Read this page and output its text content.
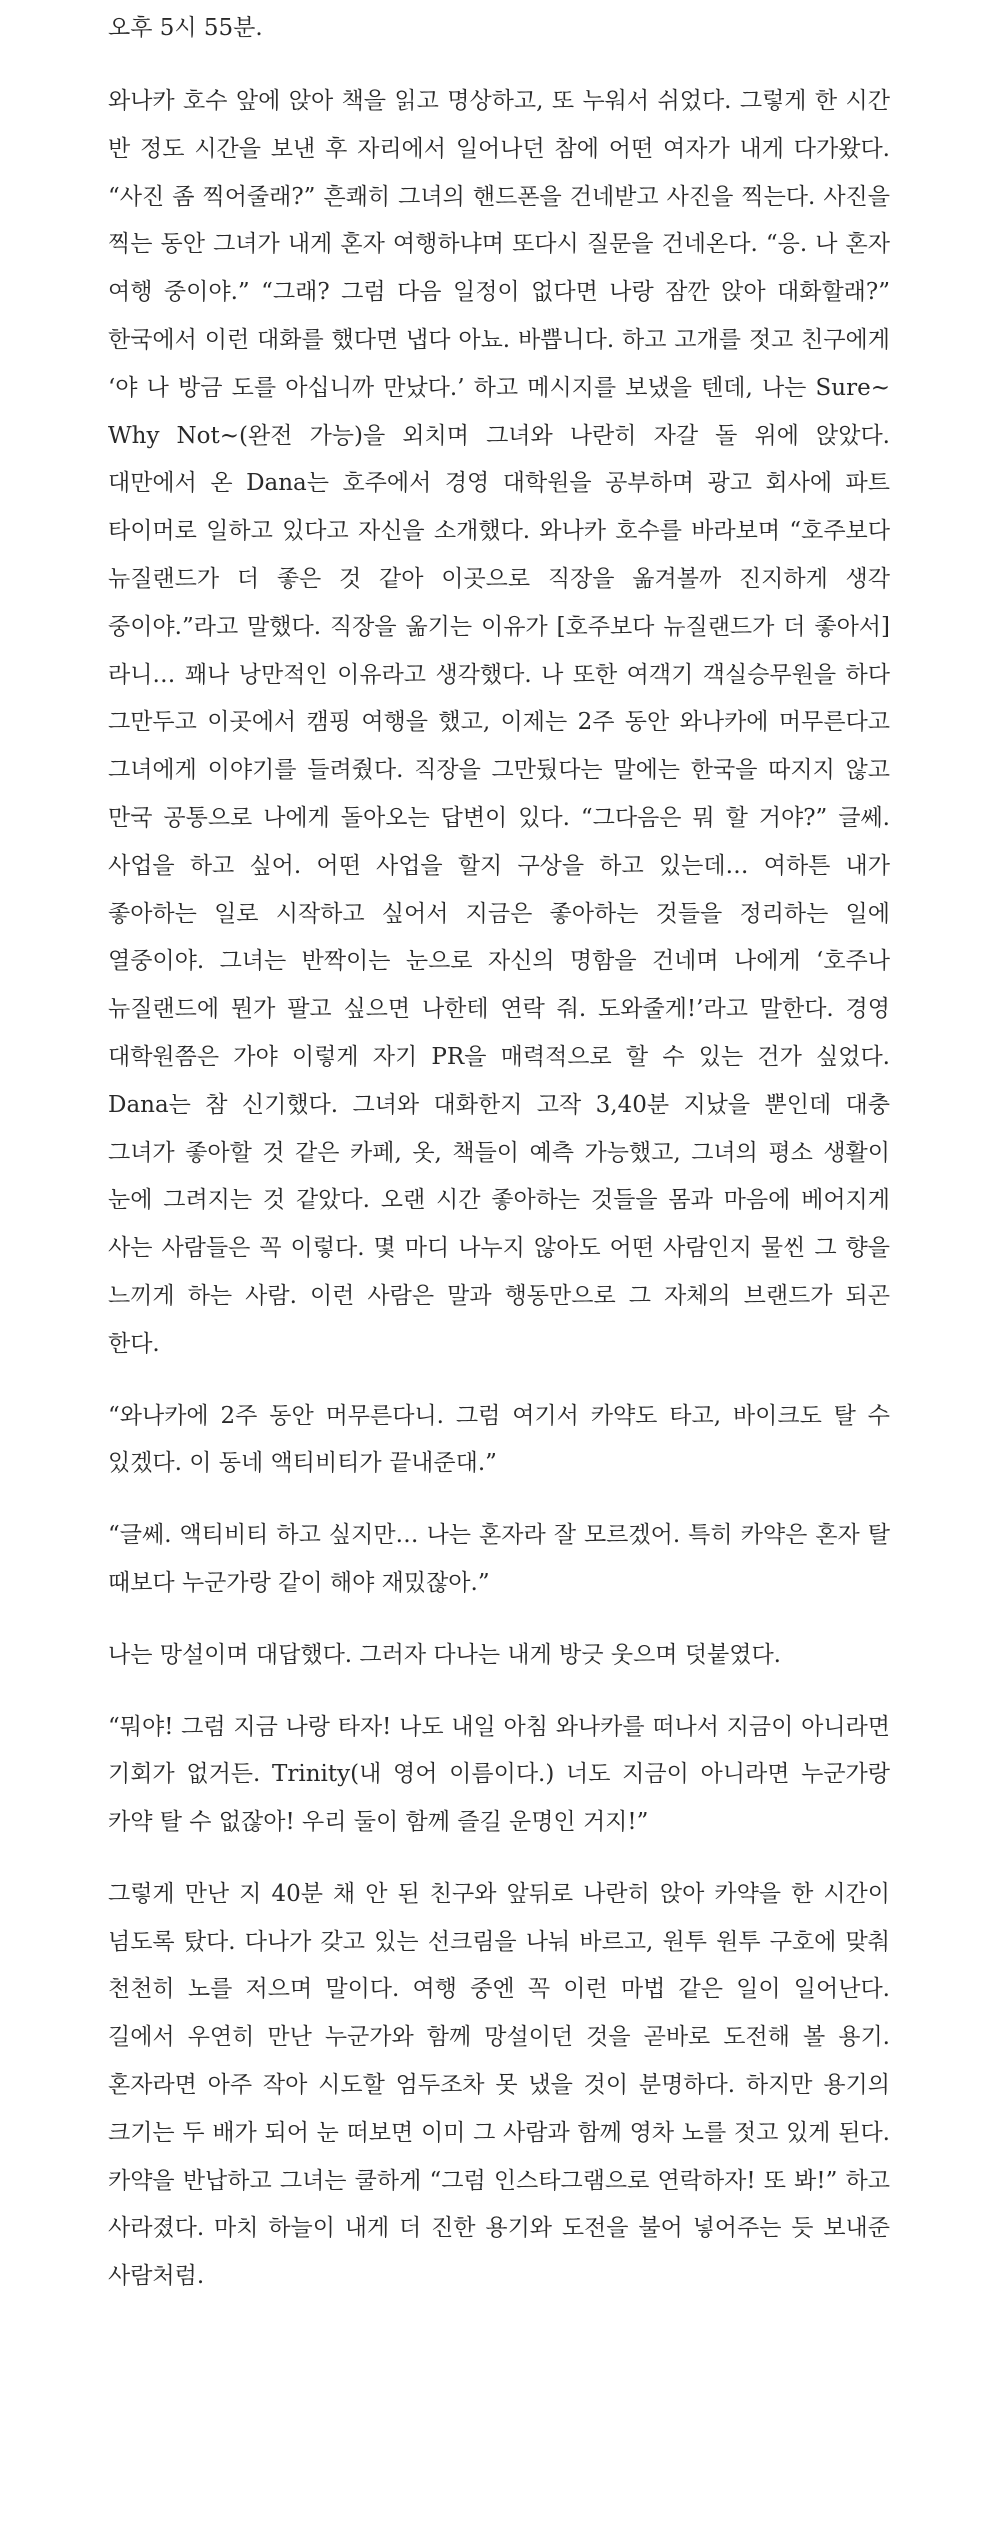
오후 5시 55분.

와나카 호수 앞에 앉아 책을 읽고 명상하고, 또 누워서 쉬었다. 그렇게 한 시간 반 정도 시간을 보낸 후 자리에서 일어나던 참에 어떤 여자가 내게 다가왔다. “사진 좀 찍어줄래?” 흔쾌히 그녀의 핸드폰을 건네받고 사진을 찍는다. 사진을 찍는 동안 그녀가 내게 혼자 여행하냐며 또다시 질문을 건네온다. “응. 나 혼자 여행 중이야.” “그래? 그럼 다음 일정이 없다면 나랑 잠깐 앉아 대화할래?” 한국에서 이런 대화를 했다면 냅다 아뇨. 바쁩니다. 하고 고개를 젓고 친구에게 ‘야 나 방금 도를 아십니까 만났다.’ 하고 메시지를 보냈을 텐데, 나는 Sure~ Why Not~(완전 가능)을 외치며 그녀와 나란히 자갈 돌 위에 앉았다. 대만에서 온 Dana는 호주에서 경영 대학원을 공부하며 광고 회사에 파트 타이머로 일하고 있다고 자신을 소개했다. 와나카 호수를 바라보며 “호주보다 뉴질랜드가 더 좋은 것 같아 이곳으로 직장을 옮겨볼까 진지하게 생각 중이야.”라고 말했다. 직장을 옮기는 이유가 [호주보다 뉴질랜드가 더 좋아서] 라니… 꽤나 낭만적인 이유라고 생각했다. 나 또한 여객기 객실승무원을 하다 그만두고 이곳에서 캠핑 여행을 했고, 이제는 2주 동안 와나카에 머무른다고 그녀에게 이야기를 들려줬다. 직장을 그만뒀다는 말에는 한국을 따지지 않고 만국 공통으로 나에게 돌아오는 답변이 있다. “그다음은 뭐 할 거야?” 글쎄. 사업을 하고 싶어. 어떤 사업을 할지 구상을 하고 있는데… 여하튼 내가 좋아하는 일로 시작하고 싶어서 지금은 좋아하는 것들을 정리하는 일에 열중이야. 그녀는 반짝이는 눈으로 자신의 명함을 건네며 나에게 ‘호주나 뉴질랜드에 뭔가 팔고 싶으면 나한테 연락 줘. 도와줄게!’라고 말한다. 경영 대학원쯤은 가야 이렇게 자기 PR을 매력적으로 할 수 있는 건가 싶었다. Dana는 참 신기했다. 그녀와 대화한지 고작 3,40분 지났을 뿐인데 대충 그녀가 좋아할 것 같은 카페, 옷, 책들이 예측 가능했고, 그녀의 평소 생활이 눈에 그려지는 것 같았다. 오랜 시간 좋아하는 것들을 몸과 마음에 베어지게 사는 사람들은 꼭 이렇다. 몇 마디 나누지 않아도 어떤 사람인지 물씬 그 향을 느끼게 하는 사람. 이런 사람은 말과 행동만으로 그 자체의 브랜드가 되곤 한다.

“와나카에 2주 동안 머무른다니. 그럼 여기서 카약도 타고, 바이크도 탈 수 있겠다. 이 동네 액티비티가 끝내준대.”

“글쎄. 액티비티 하고 싶지만… 나는 혼자라 잘 모르겠어. 특히 카약은 혼자 탈 때보다 누군가랑 같이 해야 재밌잖아.”

나는 망설이며 대답했다. 그러자 다나는 내게 방긋 웃으며 덧붙였다.

“뭐야! 그럼 지금 나랑 타자! 나도 내일 아침 와나카를 떠나서 지금이 아니라면 기회가 없거든. Trinity(내 영어 이름이다.) 너도 지금이 아니라면 누군가랑 카약 탈 수 없잖아! 우리 둘이 함께 즐길 운명인 거지!”

그렇게 만난 지 40분 채 안 된 친구와 앞뒤로 나란히 앉아 카약을 한 시간이 넘도록 탔다. 다나가 갖고 있는 선크림을 나눠 바르고, 원투 원투 구호에 맞춰 천천히 노를 저으며 말이다. 여행 중엔 꼭 이런 마법 같은 일이 일어난다. 길에서 우연히 만난 누군가와 함께 망설이던 것을 곧바로 도전해 볼 용기. 혼자라면 아주 작아 시도할 엄두조차 못 냈을 것이 분명하다. 하지만 용기의 크기는 두 배가 되어 눈 떠보면 이미 그 사람과 함께 영차 노를 젓고 있게 된다. 카약을 반납하고 그녀는 쿨하게 “그럼 인스타그램으로 연락하자! 또 봐!” 하고 사라졌다. 마치 하늘이 내게 더 진한 용기와 도전을 불어 넣어주는 듯 보내준 사람처럼.
